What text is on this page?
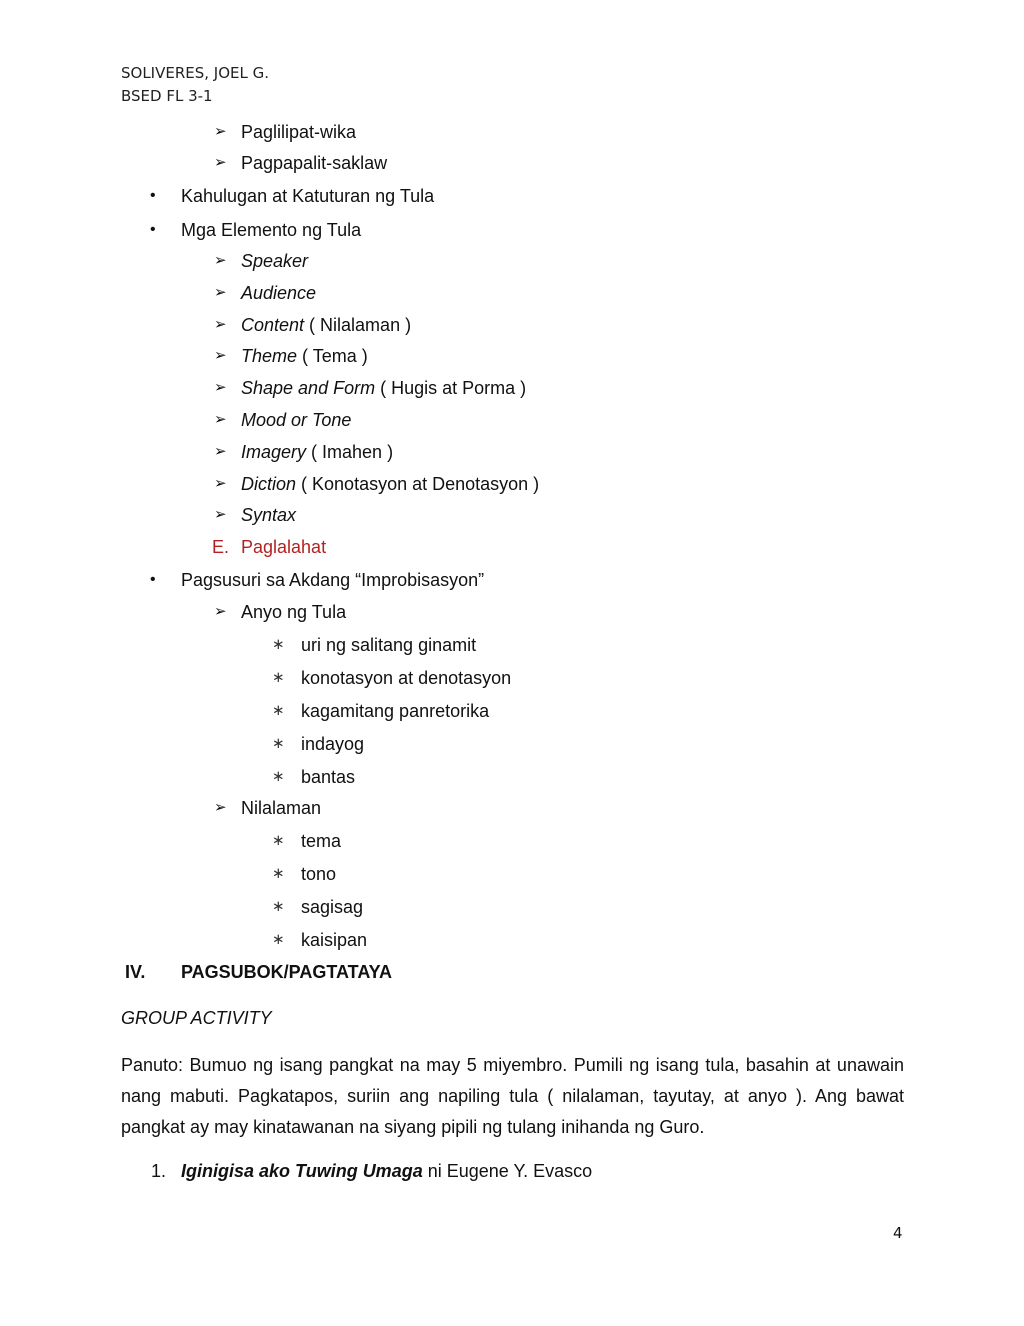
SOLIVERES, JOEL G.
BSED FL 3-1
➢ Paglilipat-wika
➢ Pagpapalit-saklaw
• Kahulugan at Katuturan ng Tula
• Mga Elemento ng Tula
➢ Speaker
➢ Audience
➢ Content ( Nilalaman )
➢ Theme ( Tema )
➢ Shape and Form ( Hugis at Porma )
➢ Mood or Tone
➢ Imagery ( Imahen )
➢ Diction ( Konotasyon at Denotasyon )
➢ Syntax
E. Paglalahat
• Pagsusuri sa Akdang “Improbisasyon”
➢ Anyo ng Tula
∗ uri ng salitang ginamit
∗ konotasyon at denotasyon
∗ kagamitang panretorika
∗ indayog
∗ bantas
➢ Nilalaman
∗ tema
∗ tono
∗ sagisag
∗ kaisipan
IV. PAGSUBOK/PAGTATAYA
GROUP ACTIVITY
Panuto: Bumuo ng isang pangkat na may 5 miyembro. Pumili ng isang tula, basahin at unawain nang mabuti. Pagkatapos, suriin ang napiling tula ( nilalaman, tayutay, at anyo ). Ang bawat pangkat ay may kinatawanan na siyang pipili ng tulang inihanda ng Guro.
1. Iginigisa ako Tuwing Umaga ni Eugene Y. Evasco
4
